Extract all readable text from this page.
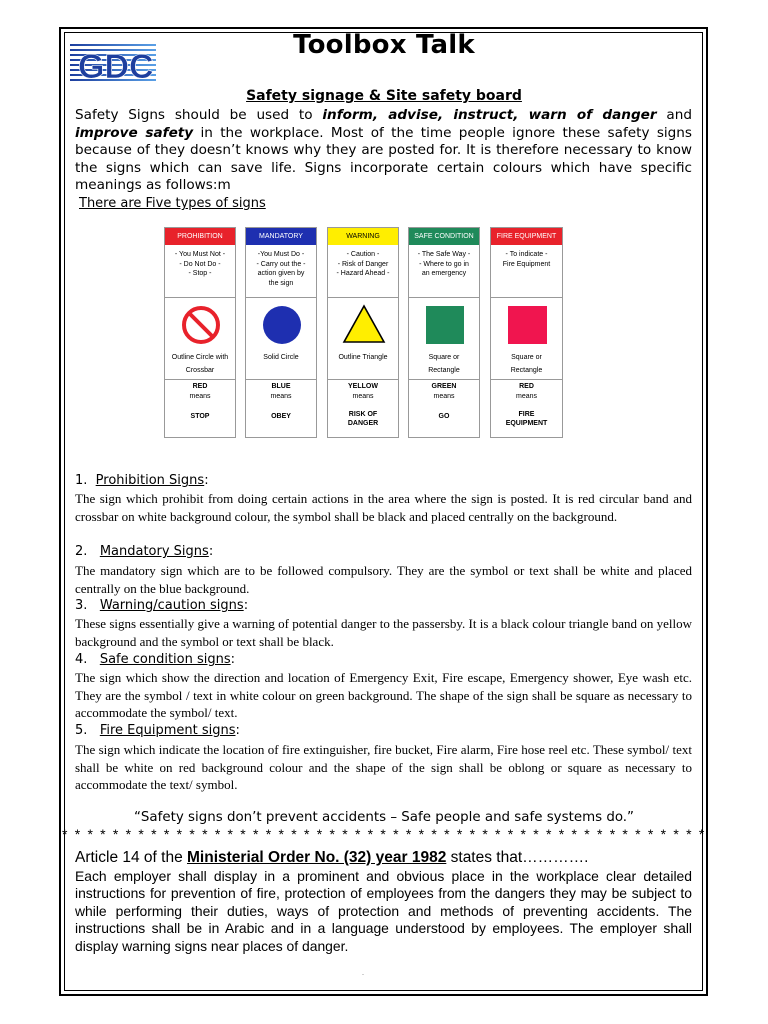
GDC
Toolbox Talk
Safety signage & Site safety board
Safety Signs should be used to inform, advise, instruct, warn of danger and improve safety in the workplace. Most of the time people ignore these safety signs because of they doesn’t knows why they are posted for. It is therefore necessary to know the signs which can save life. Signs incorporate certain colours which have specific meanings as follows:m
There are Five types of signs
PROHIBITION
- You Must Not -
- Do Not Do -
- Stop -
Outline Circle with
Crossbar
RED
means
STOP
MANDATORY
-You Must Do -
- Carry out the -
action given by
the sign
Solid Circle
BLUE
means
OBEY
WARNING
- Caution -
- Risk of Danger
- Hazard Ahead -
Outline Triangle
YELLOW
means
RISK OF
DANGER
SAFE CONDITION
- The Safe Way -
- Where to go in
an emergency
Square or
Rectangle
GREEN
means
GO
FIRE EQUIPMENT
- To indicate -
Fire Equipment
Square or
Rectangle
RED
means
FIRE
EQUIPMENT
1. Prohibition Signs:
The sign which prohibit from doing certain actions in the area where the sign is posted. It is red circular band and crossbar on white background colour, the symbol shall be black and placed centrally on the background.
2. Mandatory Signs:
The mandatory sign which are to be followed compulsory. They are the symbol or text shall be white and placed centrally on the blue background.
3. Warning/caution signs:
These signs essentially give a warning of potential danger to the passersby. It is a black colour triangle band on yellow background and the symbol or text shall be black.
4. Safe condition signs:
The sign which show the direction and location of Emergency Exit, Fire escape, Emergency shower, Eye wash etc. They are the symbol / text in white colour on green background. The shape of the sign shall be square as necessary to accommodate the symbol/ text.
5. Fire Equipment signs:
The sign which indicate the location of fire extinguisher, fire bucket, Fire alarm, Fire hose reel etc. These symbol/ text shall be white on red background colour and the shape of the sign shall be oblong or square as necessary to accommodate the text/ symbol.
“Safety signs don’t prevent accidents – Safe people and safe systems do.”
* * * * * * * * * * * * * * * * * * * * * * * * * * * * * * * * * * * * * * * * * * * * * * * * * * *
Article 14 of the Ministerial Order No. (32) year 1982 states that………….
Each employer shall display in a prominent and obvious place in the workplace clear detailed instructions for prevention of fire, protection of employees from the dangers they may be subject to while performing their duties, ways of protection and methods of preventing accidents. The instructions shall be in Arabic and in a language understood by employees. The employer shall display warning signs near places of danger.
.
